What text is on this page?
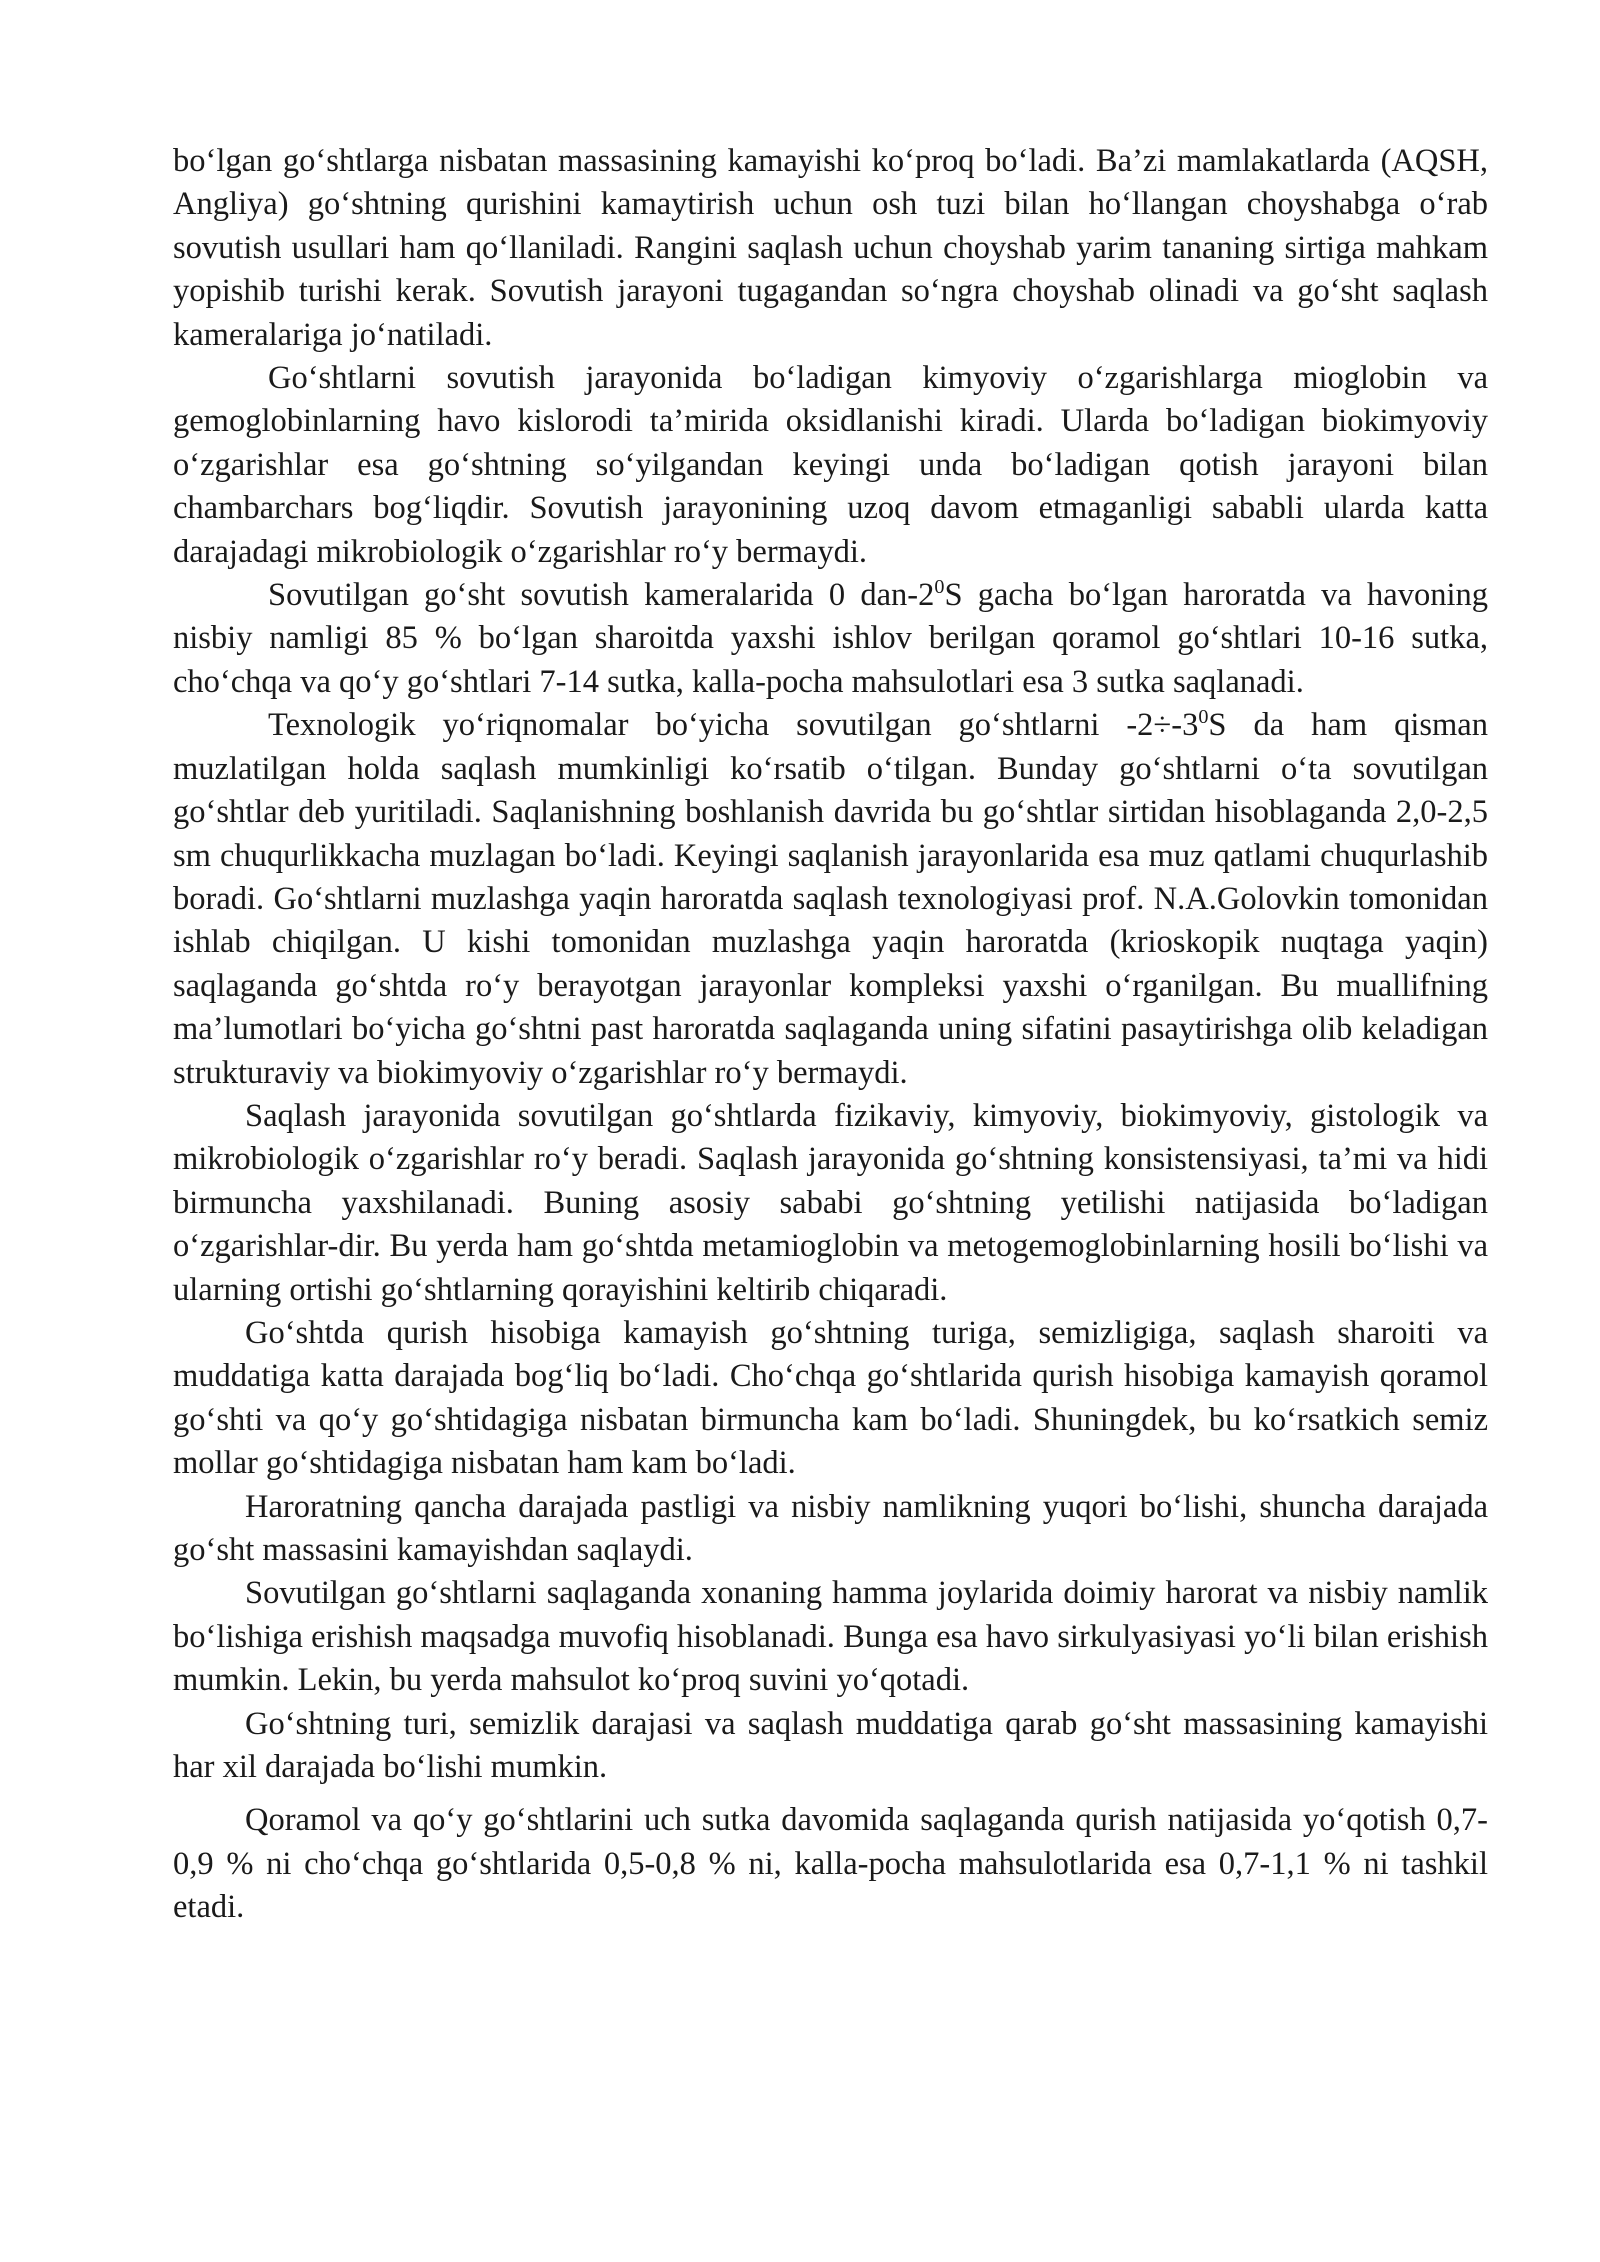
bo‘lgan go‘shtlarga nisbatan massasining kamayishi ko‘proq bo‘ladi. Ba’zi mamlakatlarda (AQSH, Angliya) go‘shtning qurishini kamaytirish uchun osh tuzi bilan ho‘llangan choyshabga o‘rab sovutish usullari ham qo‘llaniladi. Rangini saqlash uchun choyshab yarim tananing sirtiga mahkam yopishib turishi kerak. Sovutish jarayoni tugagandan so‘ngra choyshab olinadi va go‘sht saqlash kameralariga jo‘natiladi.

Go‘shtlarni sovutish jarayonida bo‘ladigan kimyoviy o‘zgarishlarga mioglobin va gemoglobinlarning havo kislorodi ta’mirida oksidlanishi kiradi. Ularda bo‘ladigan biokimyoviy o‘zgarishlar esa go‘shtning so‘yilgandan keyingi unda bo‘ladigan qotish jarayoni bilan chambarchars bog‘liqdir. Sovutish jarayonining uzoq davom etmaganligi sababli ularda katta darajadagi mikrobiologik o‘zgarishlar ro‘y bermaydi.

Sovutilgan go‘sht sovutish kameralarida 0 dan-$2^0S$ gacha bo‘lgan haroratda va havoning nisbiy namligi 85 % bo‘lgan sharoitda yaxshi ishlov berilgan qoramol go‘shtlari 10-16 sutka, cho‘chqa va qo‘y go‘shtlari 7-14 sutka, kalla-pocha mahsulotlari esa 3 sutka saqlanadi.

Texnologik yo‘riqnomalar bo‘yicha sovutilgan go‘shtlarni $-2\div-3^0S$ da ham qisman muzlatilgan holda saqlash mumkinligi ko‘rsatib o‘tilgan. Bunday go‘shtlarni o‘ta sovutilgan go‘shtlar deb yuritiladi. Saqlanishning boshlanish davrida bu go‘shtlar sirtidan hisoblaganda 2,0-2,5 sm chuqurlikkacha muzlagan bo‘ladi. Keyingi saqlanish jarayonlarida esa muz qatlami chuqurlashib boradi. Go‘shtlarni muzlashga yaqin haroratda saqlash texnologiyasi prof. N.A.Golovkin tomonidan ishlab chiqilgan. U kishi tomonidan muzlashga yaqin haroratda (krioskopik nuqtaga yaqin) saqlaganda go‘shtda ro‘y berayotgan jarayonlar kompleksi yaxshi o‘rganilgan. Bu muallifning ma’lumotlari bo‘yicha go‘shtni past haroratda saqlaganda uning sifatini pasaytirishga olib keladigan strukturaviy va biokimyoviy o‘zgarishlar ro‘y bermaydi.

Saqlash jarayonida sovutilgan go‘shtlarda fizikaviy, kimyoviy, biokimyoviy, gistologik va mikrobiologik o‘zgarishlar ro‘y beradi. Saqlash jarayonida go‘shtning konsistensiyasi, ta’mi va hidi birmuncha yaxshilanadi. Buning asosiy sababi go‘shtning yetilishi natijasida bo‘ladigan o‘zgarishlar-dir. Bu yerda ham go‘shtda metamioglobin va metogemoglobinlarning hosili bo‘lishi va ularning ortishi go‘shtlarning qorayishini keltirib chiqaradi.

Go‘shtda qurish hisobiga kamayish go‘shtning turiga, semizligiga, saqlash sharoiti va muddatiga katta darajada bog‘liq bo‘ladi. Cho‘chqa go‘shtlarida qurish hisobiga kamayish qoramol go‘shti va qo‘y go‘shtidagiga nisbatan birmuncha kam bo‘ladi. Shuningdek, bu ko‘rsatkich semiz mollar go‘shtidagiga nisbatan ham kam bo‘ladi.

Haroratning qancha darajada pastligi va nisbiy namlikning yuqori bo‘lishi, shuncha darajada go‘sht massasini kamayishdan saqlaydi.

Sovutilgan go‘shtlarni saqlaganda xonaning hamma joylarida doimiy harorat va nisbiy namlik bo‘lishiga erishish maqsadga muvofiq hisoblanadi. Bunga esa havo sirkulyasiyasi yo‘li bilan erishish mumkin. Lekin, bu yerda mahsulot ko‘proq suvini yo‘qotadi.

Go‘shtning turi, semizlik darajasi va saqlash muddatiga qarab go‘sht massasining kamayishi har xil darajada bo‘lishi mumkin.

Qoramol va qo‘y go‘shtlarini uch sutka davomida saqlaganda qurish natijasida yo‘qotish 0,7-0,9 % ni cho‘chqa go‘shtlarida 0,5-0,8 % ni, kalla-pocha mahsulotlarida esa 0,7-1,1 % ni tashkil etadi.
